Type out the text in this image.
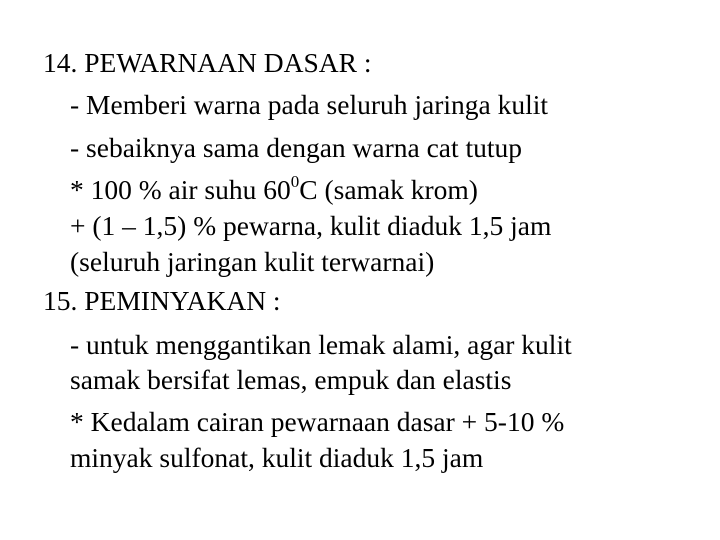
14. PEWARNAAN DASAR :
- Memberi warna pada seluruh jaringa kulit
- sebaiknya sama dengan warna cat tutup
* 100 % air suhu $60^0C$ (samak krom)
+ (1 – 1,5) % pewarna, kulit diaduk 1,5 jam
(seluruh jaringan kulit terwarnai)
15. PEMINYAKAN :
- untuk menggantikan lemak alami, agar kulit
samak bersifat lemas, empuk dan elastis
* Kedalam cairan pewarnaan dasar + 5-10 %
minyak sulfonat, kulit diaduk 1,5 jam
